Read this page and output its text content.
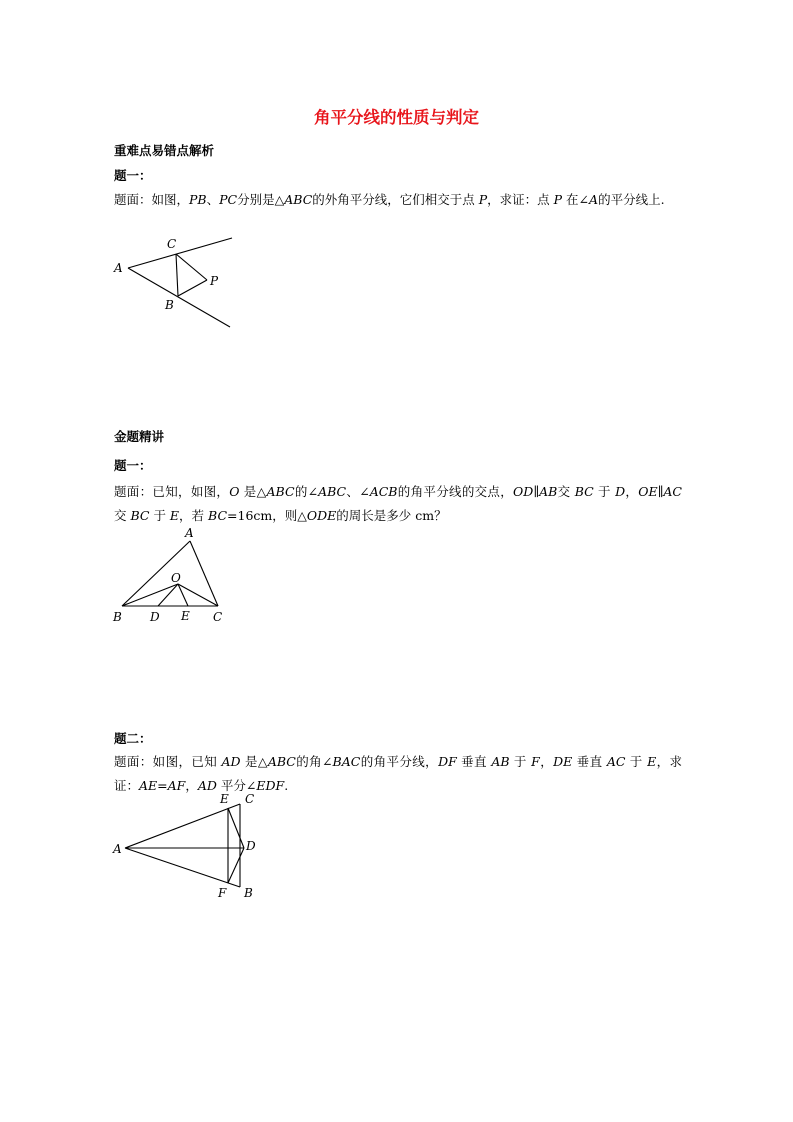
角平分线的性质与判定
重难点易错点解析
题一：
题面：如图，PB、PC分别是△ABC的外角平分线，它们相交于点 P，求证：点 P 在∠A的平分线上.
A
C
P
B
金题精讲
题一：
题面：已知，如图，O 是△ABC的∠ABC、∠ACB的角平分线的交点，OD∥AB交 BC 于 D，OE∥AC交 BC 于 E，若 BC=16cm，则△ODE的周长是多少 cm？
A
O
B D E C
题二：
题面：如图，已知 AD 是△ABC的角∠BAC的角平分线，DF 垂直 AB 于 F，DE 垂直 AC 于 E，求证：AE=AF，AD 平分∠EDF.
A
E C
D
F B
